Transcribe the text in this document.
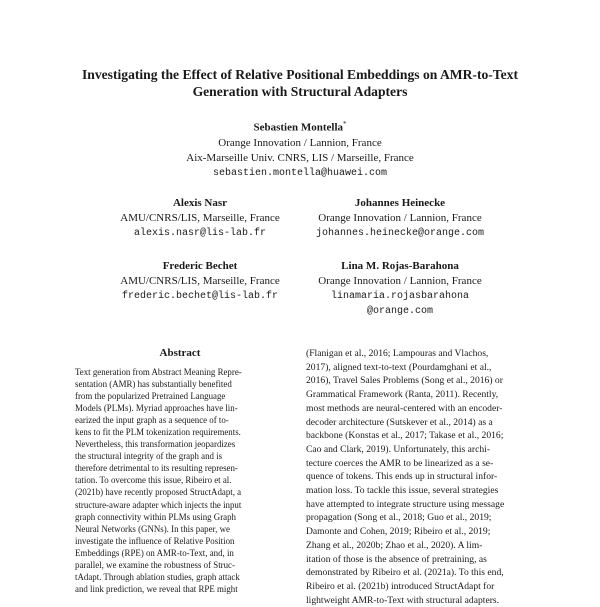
Investigating the Effect of Relative Positional Embeddings on AMR-to-Text
Generation with Structural Adapters
Sebastien Montella*
Orange Innovation / Lannion, France
Aix-Marseille Univ. CNRS, LIS / Marseille, France
sebastien.montella@huawei.com
Alexis Nasr
AMU/CNRS/LIS, Marseille, France
alexis.nasr@lis-lab.fr
Johannes Heinecke
Orange Innovation / Lannion, France
johannes.heinecke@orange.com
Frederic Bechet
AMU/CNRS/LIS, Marseille, France
frederic.bechet@lis-lab.fr
Lina M. Rojas-Barahona
Orange Innovation / Lannion, France
linamaria.rojasbarahona
@orange.com
Abstract
Text generation from Abstract Meaning Repre-
sentation (AMR) has substantially benefited
from the popularized Pretrained Language
Models (PLMs). Myriad approaches have lin-
earized the input graph as a sequence of to-
kens to fit the PLM tokenization requirements.
Nevertheless, this transformation jeopardizes
the structural integrity of the graph and is
therefore detrimental to its resulting represen-
tation. To overcome this issue, Ribeiro et al.
(2021b) have recently proposed StructAdapt, a
structure-aware adapter which injects the input
graph connectivity within PLMs using Graph
Neural Networks (GNNs). In this paper, we
investigate the influence of Relative Position
Embeddings (RPE) on AMR-to-Text, and, in
parallel, we examine the robustness of Struc-
tAdapt. Through ablation studies, graph attack
and link prediction, we reveal that RPE might
(Flanigan et al., 2016; Lampouras and Vlachos,
2017), aligned text-to-text (Pourdamghani et al.,
2016), Travel Sales Problems (Song et al., 2016) or
Grammatical Framework (Ranta, 2011). Recently,
most methods are neural-centered with an encoder-
decoder architecture (Sutskever et al., 2014) as a
backbone (Konstas et al., 2017; Takase et al., 2016;
Cao and Clark, 2019). Unfortunately, this archi-
tecture coerces the AMR to be linearized as a se-
quence of tokens. This ends up in structural infor-
mation loss. To tackle this issue, several strategies
have attempted to integrate structure using message
propagation (Song et al., 2018; Guo et al., 2019;
Damonte and Cohen, 2019; Ribeiro et al., 2019;
Zhang et al., 2020b; Zhao et al., 2020). A lim-
itation of those is the absence of pretraining, as
demonstrated by Ribeiro et al. (2021a). To this end,
Ribeiro et al. (2021b) introduced StructAdapt for
lightweight AMR-to-Text with structural adapters.
